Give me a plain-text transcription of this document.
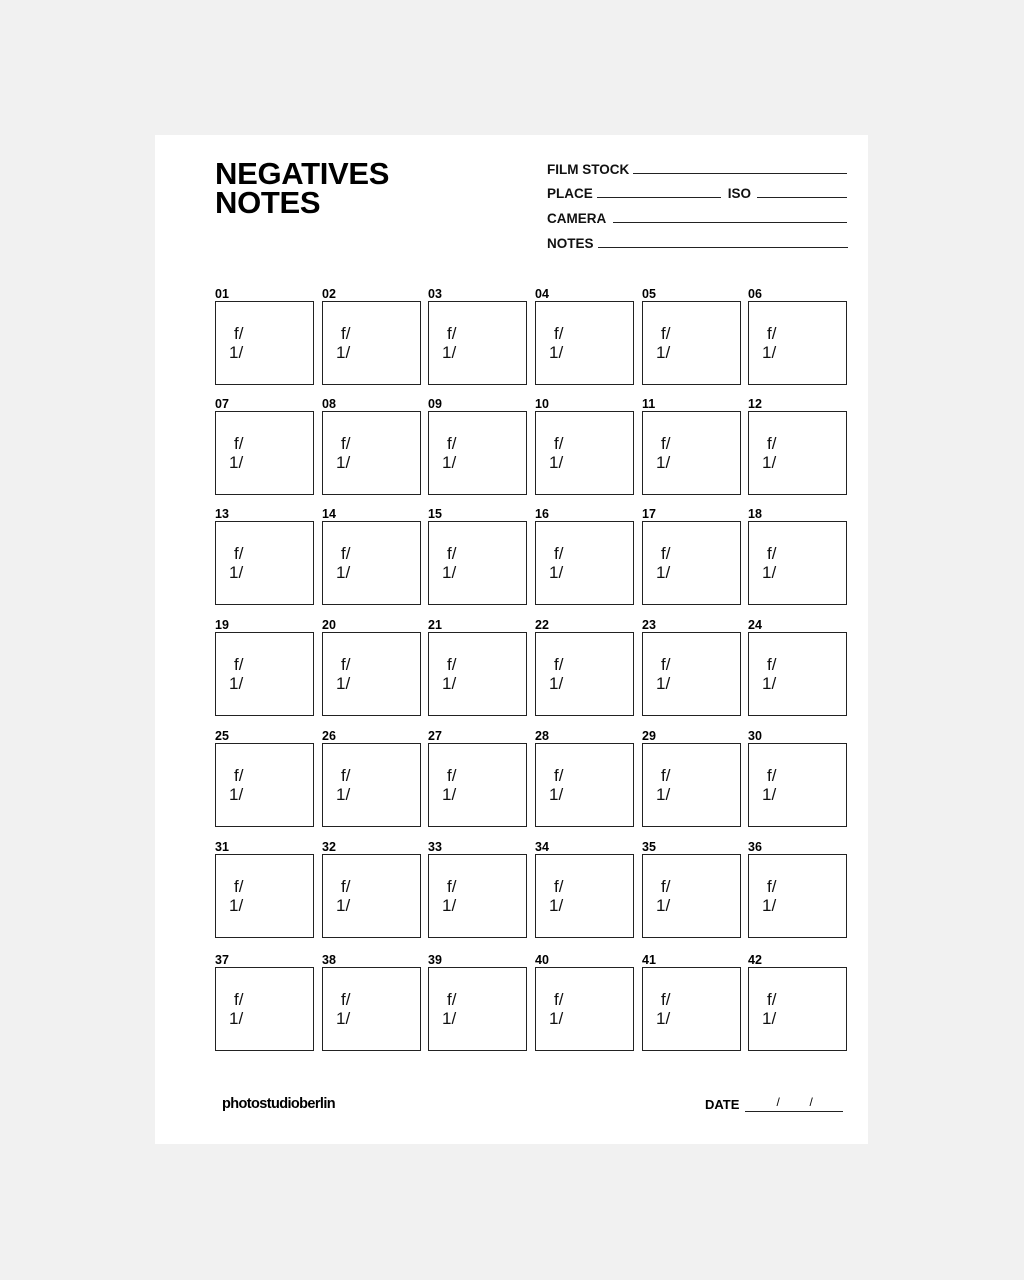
NEGATIVES
NOTES
FILM STOCK
PLACE	ISO
CAMERA
NOTES
01
f/
1/
02
f/
1/
03
f/
1/
04
f/
1/
05
f/
1/
06
f/
1/
07
f/
1/
08
f/
1/
09
f/
1/
10
f/
1/
11
f/
1/
12
f/
1/
13
f/
1/
14
f/
1/
15
f/
1/
16
f/
1/
17
f/
1/
18
f/
1/
19
f/
1/
20
f/
1/
21
f/
1/
22
f/
1/
23
f/
1/
24
f/
1/
25
f/
1/
26
f/
1/
27
f/
1/
28
f/
1/
29
f/
1/
30
f/
1/
31
f/
1/
32
f/
1/
33
f/
1/
34
f/
1/
35
f/
1/
36
f/
1/
37
f/
1/
38
f/
1/
39
f/
1/
40
f/
1/
41
f/
1/
42
f/
1/
photostudioberlin	DATE	/ /
